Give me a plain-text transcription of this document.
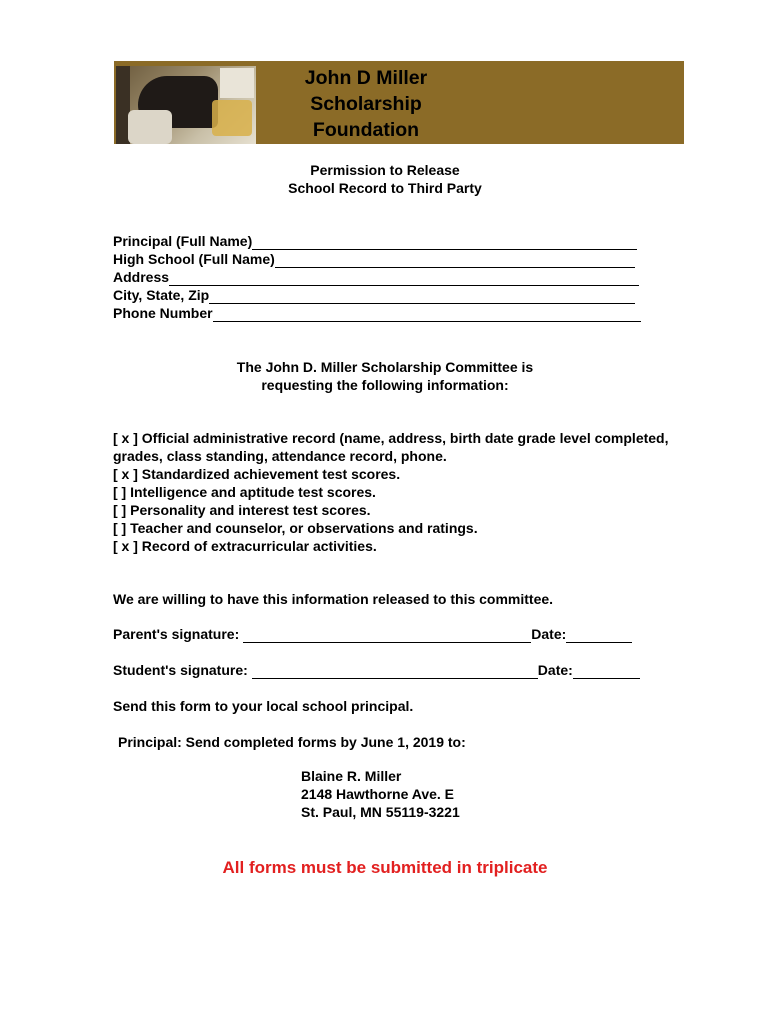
John D Miller
Scholarship
Foundation
Permission to Release
School Record to Third Party
Principal (Full Name)
High School (Full Name)
Address
City, State, Zip
Phone Number
The John D. Miller Scholarship Committee is
requesting the following information:
[ x ] Official administrative record (name, address, birth date grade level completed, grades, class standing, attendance record, phone.
[ x ] Standardized achievement test scores.
[ ] Intelligence and aptitude test scores.
[ ] Personality and interest test scores.
[ ] Teacher and counselor, or observations and ratings.
[ x ] Record of extracurricular activities.
We are willing to have this information released to this committee.
Parent's signature:	Date:
Student's signature:	Date:
Send this form to your local school principal.
Principal: Send completed forms by June 1, 2019 to:
Blaine R. Miller
2148 Hawthorne Ave. E
St. Paul, MN 55119-3221
All forms must be submitted in triplicate
